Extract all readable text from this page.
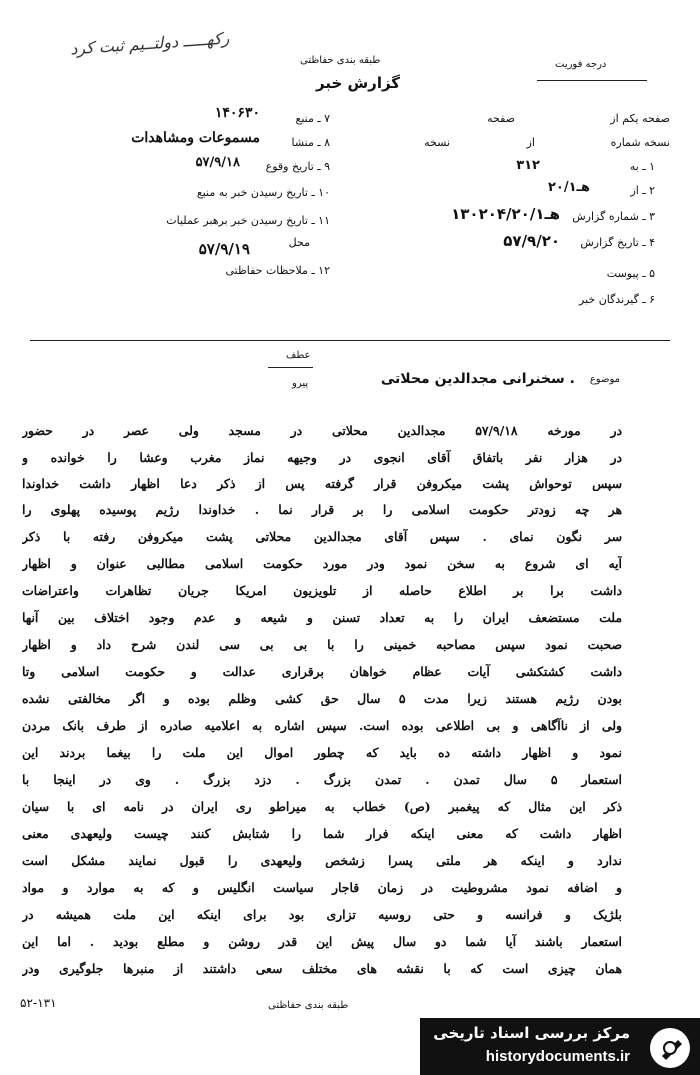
رکهـــــ دولتــیم ثبت کرد
طبقه بندی حفاظتی	درجه فوریت
گزارش خبر
صفحه یکم از
صفحه
نسخه شماره
از
نسخه
۱ ـ به
۳۱۲
۲ ـ از
۲۰/هـ۱
۳ ـ شماره گزارش
۱۳۰۲۰۴/۲۰/هـ۱
۴ ـ تاریخ گزارش
۵۷/۹/۲۰
۵ ـ پیوست
۶ ـ گیرندگان خبر
۷ ـ منبع
۱۴۰۶۳۰
۸ ـ منشا
مسموعات ومشاهدات
۹ ـ تاریخ وقوع
۵۷/۹/۱۸
۱۰ ـ تاریخ رسیدن خبر به منبع
۱۱ ـ تاریخ رسیدن خبر برهبر عملیات
محل
۵۷/۹/۱۹
۱۲ ـ ملاحظات حفاظتی
عطف
پیرو	موضوع
سخنرانی مجدالدین محلاتی .
در مورخه ۵۷/۹/۱۸ مجدالدین محلاتی در مسجد ولی عصر در حضور
در هزار نفر باتفاق آقای انجوی در وجیهه نماز مغرب وعشا را خوانده و
سپس توحواش پشت میکروفن قرار گرفته پس از ذکر دعا اظهار داشت خداوندا
هر چه زودتر حکومت اسلامی را بر قرار نما . خداوندا رژیم پوسیده پهلوی را
سر نگون نمای . سپس آقای مجدالدین محلاتی پشت میکروفن رفته با ذکر
آیه ای شروع به سخن نمود ودر مورد حکومت اسلامی مطالبی عنوان و اظهار
داشت برا بر اطلاع حاصله از تلویزیون امریکا جریان تظاهرات واعتراضات
ملت مستضعف ایران را به تعداد تسنن و شیعه و عدم وجود اختلاف بین آنها
صحبت نمود سپس مصاحبه خمینی را با بی بی سی لندن شرح داد و اظهار
داشت کشتکشی آیات عظام خواهان برقراری عدالت و حکومت اسلامی وتا
بودن رژیم هستند زیرا مدت ۵ سال حق کشی وظلم بوده و اگر مخالفتی نشده
ولی از ناآگاهی و بی اطلاعی بوده است. سپس اشاره به اعلامیه صادره از طرف بانک مردن
نمود و اظهار داشته ده باید که چطور اموال این ملت را بیغما بردند این
استعمار ۵ سال تمدن . تمدن بزرگ . دزد بزرگ . وی در اینجا با
ذکر این مثال که پیغمبر (ص) خطاب به میراطو ری ایران در نامه ای با سیان
اظهار داشت که معنی اینکه فرار شما را شتابش کنند چیست ولیعهدی معنی
ندارد و اینکه هر ملتی پسرا زشخص ولیعهدی را قبول نمایند مشکل است
و اضافه نمود مشروطیت در زمان قاجار سیاست انگلیس و که به موارد و مواد
بلژیک و فرانسه و حتی روسیه تزاری بود برای اینکه این ملت همیشه در
استعمار باشند آیا شما دو سال پیش این قدر روشن و مطلع بودید . اما این
همان چیزی است که با نقشه های مختلف سعی داشتند از منبرها جلوگیری ودر
طبقه بندی حفاظتی
۵۲-۱۳۱
مرکز بررسی اسناد تاریخی
historydocuments.ir
